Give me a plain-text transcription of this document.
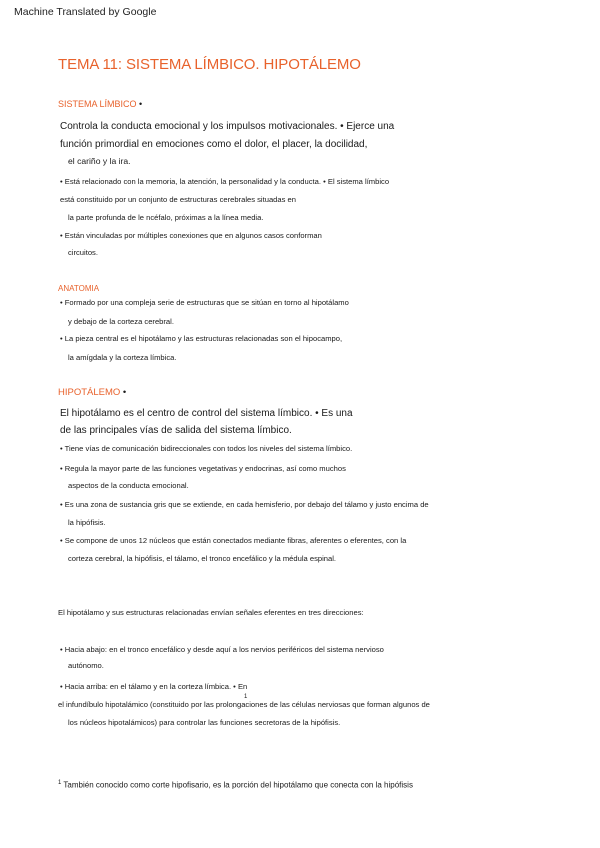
Machine Translated by Google
TEMA 11: SISTEMA LÍMBICO. HIPOTÁLEMO
SISTEMA LÍMBICO •
Controla la conducta emocional y los impulsos motivacionales. • Ejerce una
función primordial en emociones como el dolor, el placer, la docilidad,
el cariño y la ira.
• Está relacionado con la memoria, la atención, la personalidad y la conducta. • El sistema límbico
está constituido por un conjunto de estructuras cerebrales situadas en
la parte profunda de le ncéfalo, próximas a la línea media.
• Están vinculadas por múltiples conexiones que en algunos casos conforman
circuitos.
ANATOMIA
• Formado por una compleja serie de estructuras que se sitúan en torno al hipotálamo
y debajo de la corteza cerebral.
• La pieza central es el hipotálamo y las estructuras relacionadas son el hipocampo,
la amígdala y la corteza límbica.
HIPOTÁLEMO •
El hipotálamo es el centro de control del sistema límbico. • Es una
de las principales vías de salida del sistema límbico.
• Tiene vías de comunicación bidireccionales con todos los niveles del sistema límbico.
• Regula la mayor parte de las funciones vegetativas y endocrinas, así como muchos
aspectos de la conducta emocional.
• Es una zona de sustancia gris que se extiende, en cada hemisferio, por debajo del tálamo y justo encima de
la hipófisis.
• Se compone de unos 12 núcleos que están conectados mediante fibras, aferentes o eferentes, con la
corteza cerebral, la hipófisis, el tálamo, el tronco encefálico y la médula espinal.
El hipotálamo y sus estructuras relacionadas envían señales eferentes en tres direcciones:
• Hacia abajo: en el tronco encefálico y desde aquí a los nervios periféricos del sistema nervioso
autónomo.
• Hacia arriba: en el tálamo y en la corteza límbica. • En
1
el infundíbulo hipotalámico (constituido por las prolongaciones de las células nerviosas que forman algunos de
los núcleos hipotalámicos) para controlar las funciones secretoras de la hipófisis.
$^1$ También conocido como corte hipofisario, es la porción del hipotálamo que conecta con la hipófisis
